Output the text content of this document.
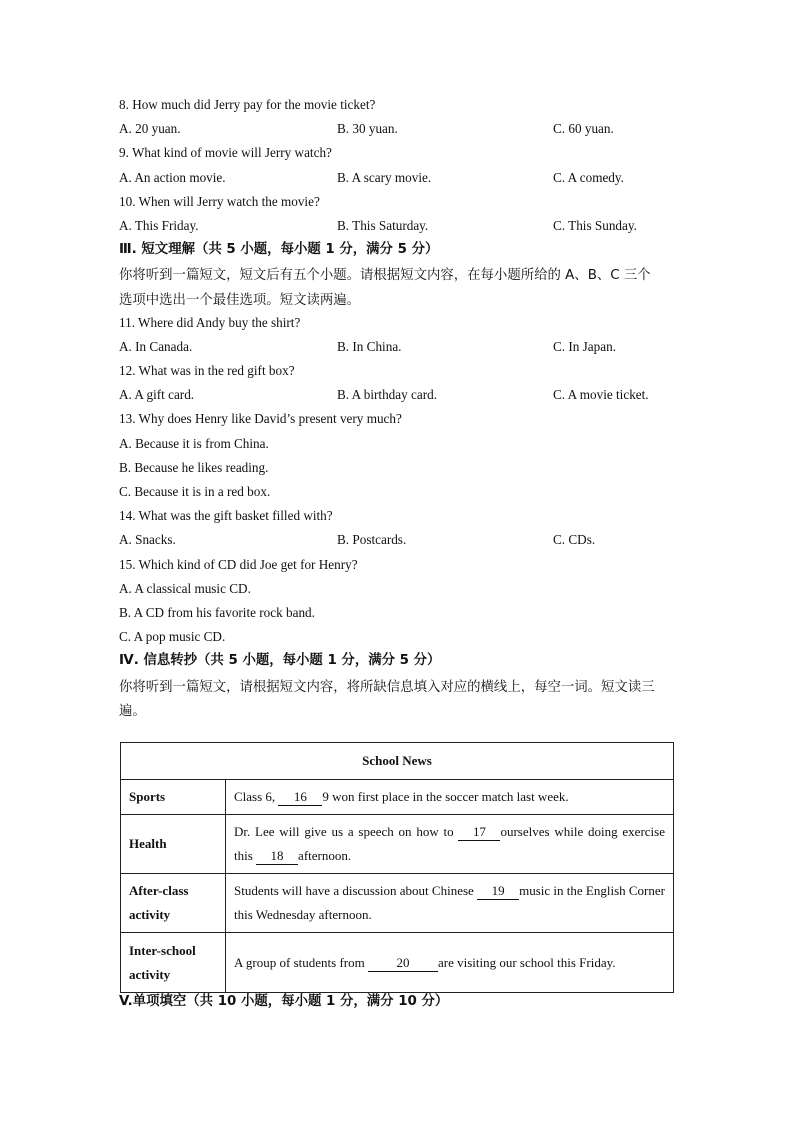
8. How much did Jerry pay for the movie ticket?
A. 20 yuan.	B. 30 yuan.	C. 60 yuan.
9. What kind of movie will Jerry watch?
A. An action movie.	B. A scary movie.	C. A comedy.
10. When will Jerry watch the movie?
A. This Friday.	B. This Saturday.	C. This Sunday.
Ⅲ. 短文理解（共 5 小题，每小题 1 分，满分 5 分）
你将听到一篇短文，短文后有五个小题。请根据短文内容，在每小题所给的 A、B、C 三个
选项中选出一个最佳选项。短文读两遍。
11. Where did Andy buy the shirt?
A. In Canada.	B. In China.	C. In Japan.
12. What was in the red gift box?
A. A gift card.	B. A birthday card.	C. A movie ticket.
13. Why does Henry like David’s present very much?
A. Because it is from China.
B. Because he likes reading.
C. Because it is in a red box.
14. What was the gift basket filled with?
A. Snacks.	B. Postcards.	C. CDs.
15. Which kind of CD did Joe get for Henry?
A. A classical music CD.
B. A CD from his favorite rock band.
C. A pop music CD.
Ⅳ. 信息转抄（共 5 小题，每小题 1 分，满分 5 分）
你将听到一篇短文，请根据短文内容，将所缺信息填入对应的横线上，每空一词。短文读三
遍。
School News	
Sports	Class 6, 16 9 won first place in the soccer match last week.
Health	Dr. Lee will give us a speech on how to 17 ourselves while doing exercise this 18 afternoon.
After-class
activity	Students will have a discussion about Chinese 19 music in the English Corner this Wednesday afternoon.
Inter-school
activity	A group of students from 20 are visiting our school this Friday.
V.单项填空（共 10 小题，每小题 1 分，满分 10 分）
